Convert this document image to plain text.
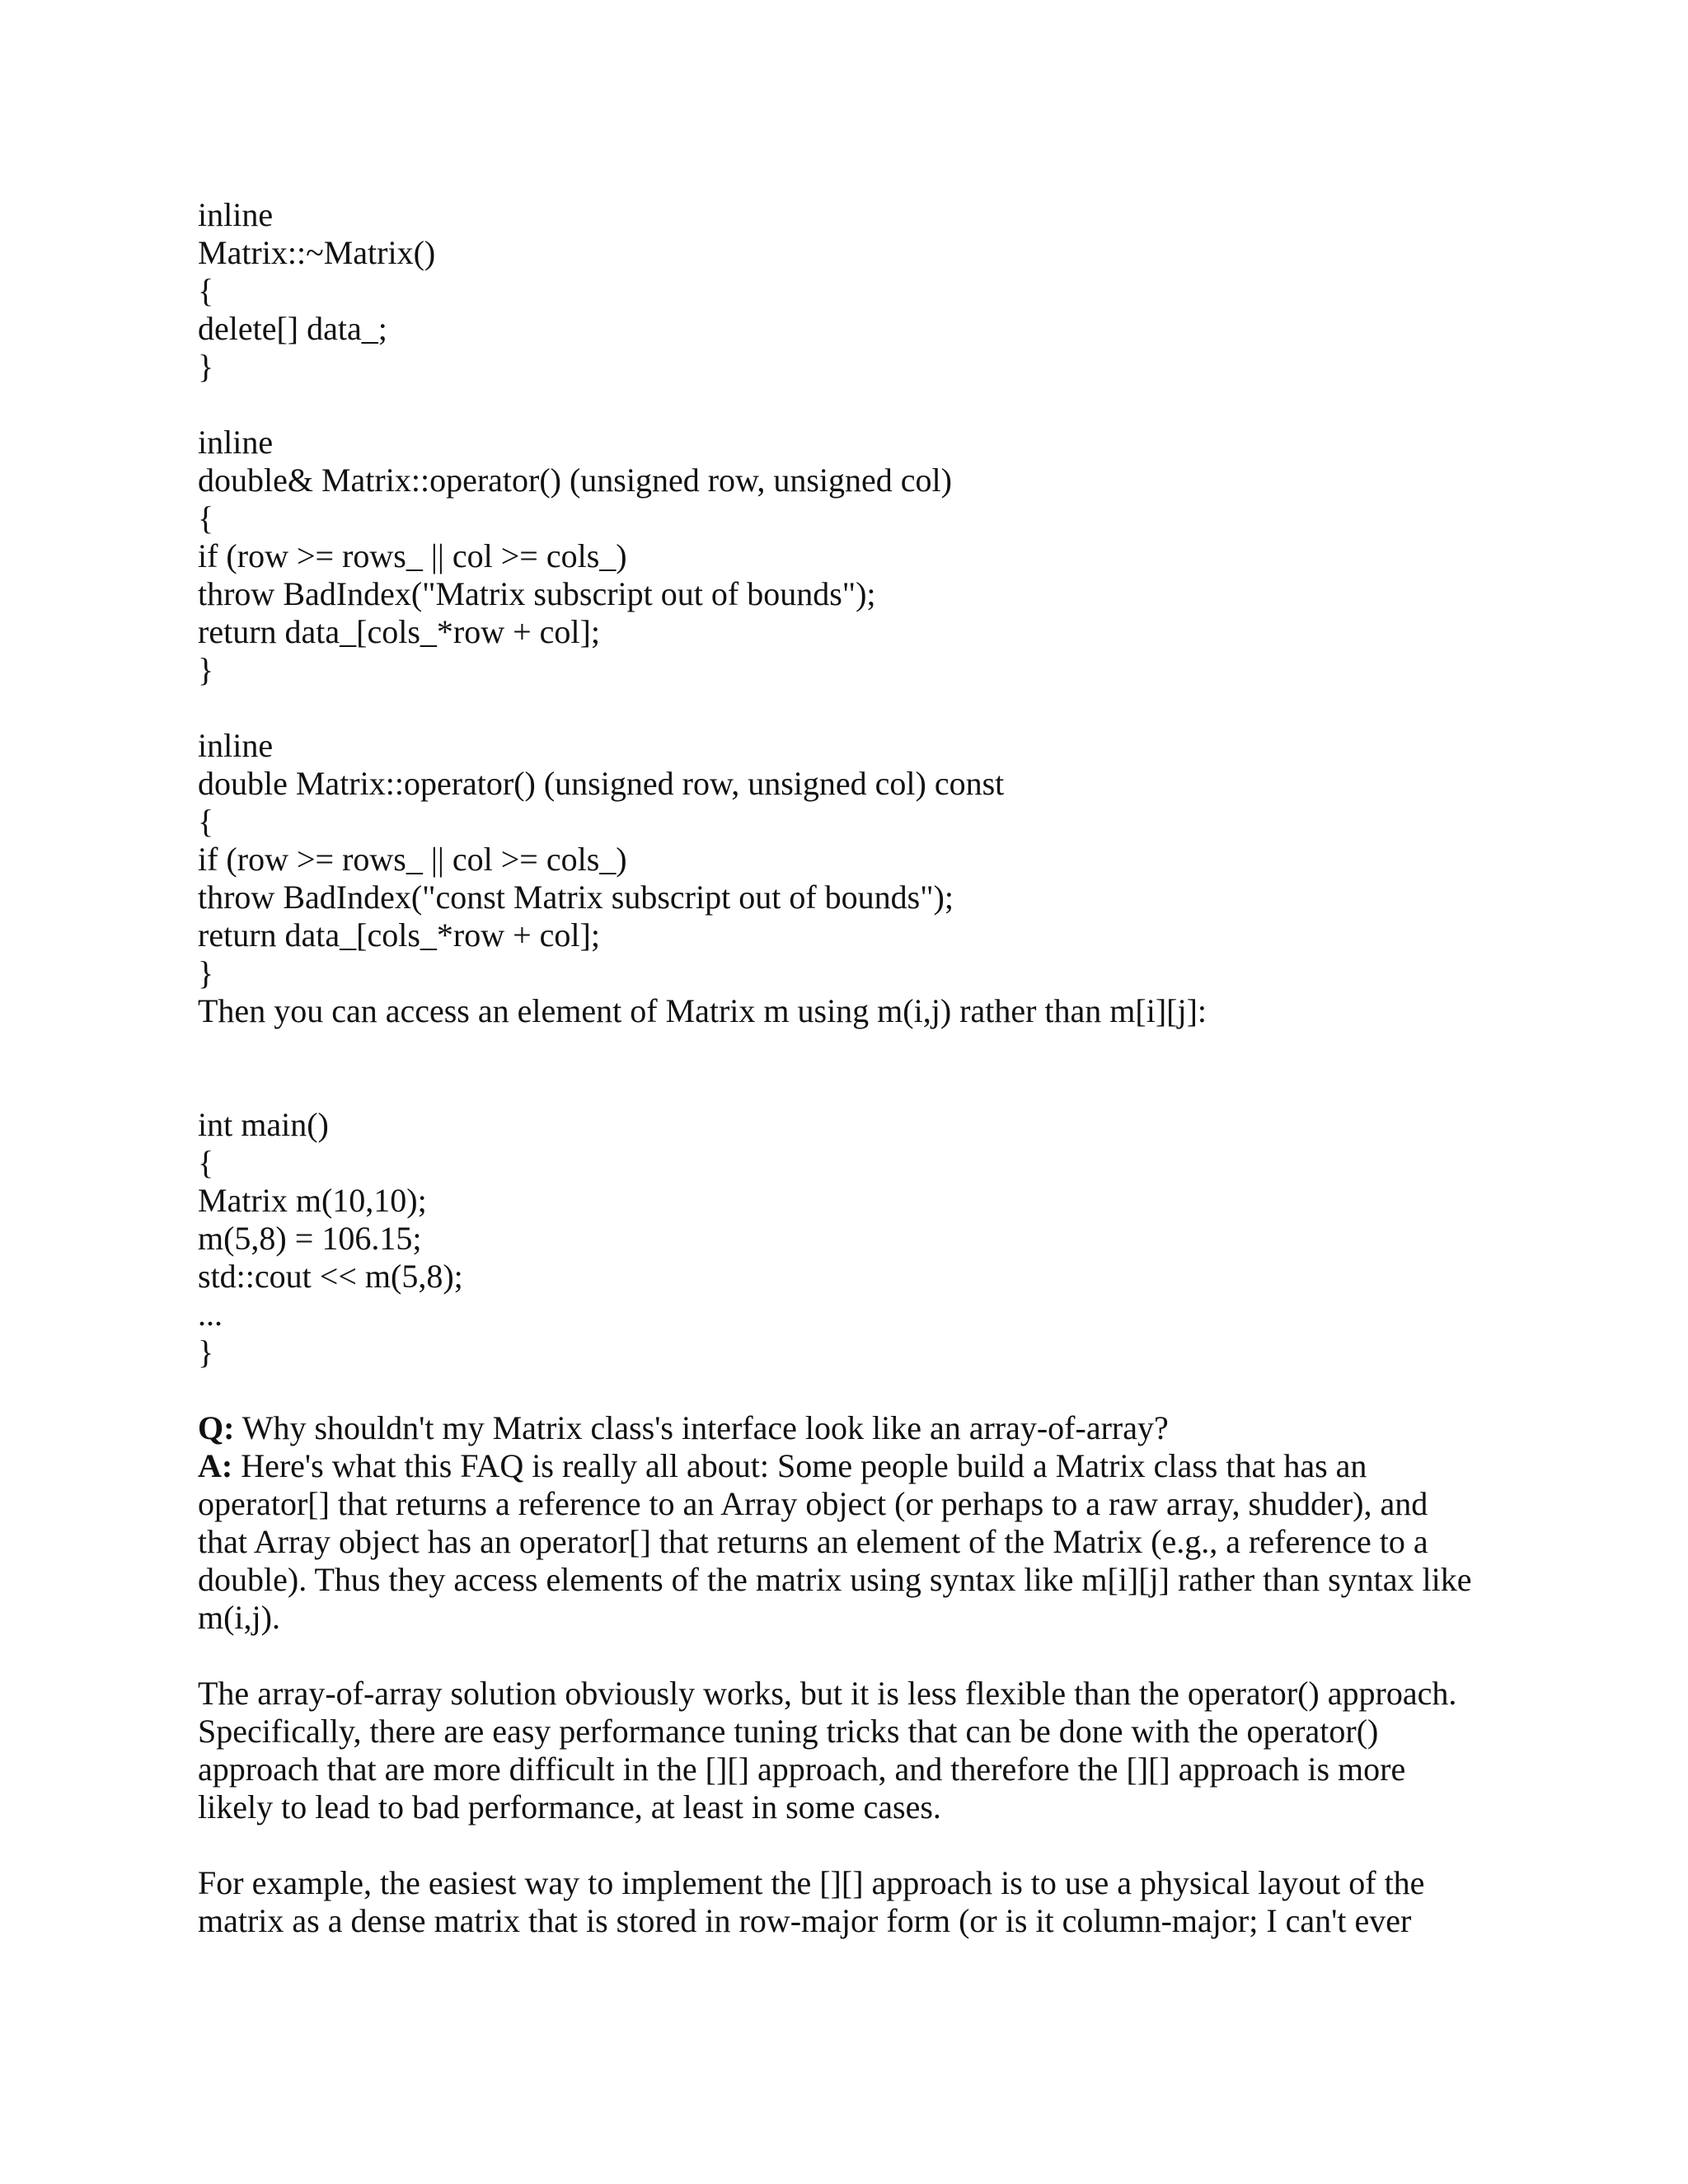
inline
Matrix::~Matrix()
{
delete[] data_;
}
inline
double& Matrix::operator() (unsigned row, unsigned col)
{
if (row >= rows_ || col >= cols_)
throw BadIndex("Matrix subscript out of bounds");
return data_[cols_*row + col];
}
inline
double Matrix::operator() (unsigned row, unsigned col) const
{
if (row >= rows_ || col >= cols_)
throw BadIndex("const Matrix subscript out of bounds");
return data_[cols_*row + col];
}
Then you can access an element of Matrix m using m(i,j) rather than m[i][j]:
int main()
{
Matrix m(10,10);
m(5,8) = 106.15;
std::cout << m(5,8);
...
}
Q: Why shouldn't my Matrix class's interface look like an array-of-array?
A: Here's what this FAQ is really all about: Some people build a Matrix class that has an
operator[] that returns a reference to an Array object (or perhaps to a raw array, shudder), and
that Array object has an operator[] that returns an element of the Matrix (e.g., a reference to a
double). Thus they access elements of the matrix using syntax like m[i][j] rather than syntax like
m(i,j).
The array-of-array solution obviously works, but it is less flexible than the operator() approach.
Specifically, there are easy performance tuning tricks that can be done with the operator()
approach that are more difficult in the [][] approach, and therefore the [][] approach is more
likely to lead to bad performance, at least in some cases.
For example, the easiest way to implement the [][] approach is to use a physical layout of the
matrix as a dense matrix that is stored in row-major form (or is it column-major; I can't ever
